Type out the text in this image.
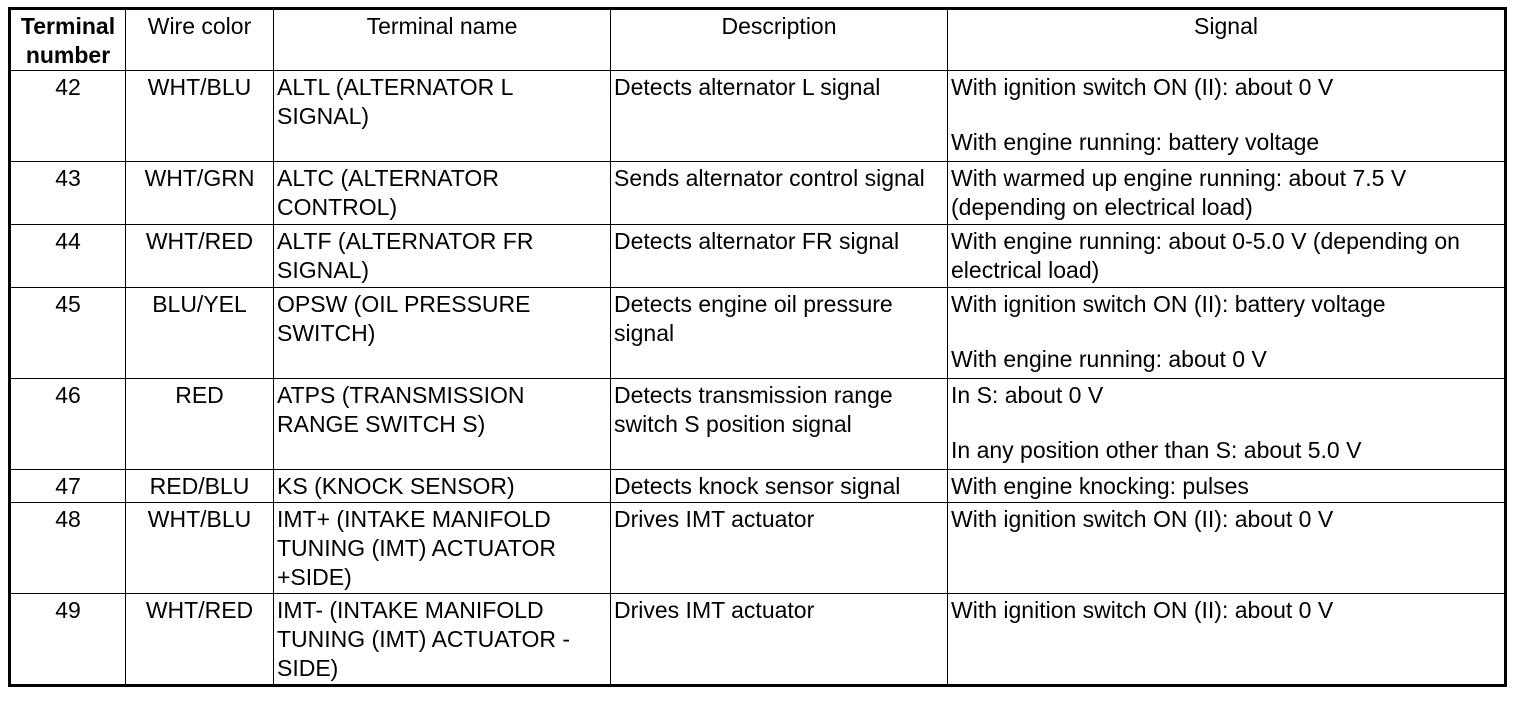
Terminal
number	Wire color	Terminal name	Description	Signal
42	WHT/BLU	ALTL (ALTERNATOR L SIGNAL)	Detects alternator L signal	With ignition switch ON (II): about 0 V
With engine running: battery voltage

43	WHT/GRN	ALTC (ALTERNATOR CONTROL)	Sends alternator control signal	With warmed up engine running: about 7.5 V (depending on electrical load)

44	WHT/RED	ALTF (ALTERNATOR FR SIGNAL)	Detects alternator FR signal	With engine running: about 0-5.0 V (depending on electrical load)

45	BLU/YEL	OPSW (OIL PRESSURE SWITCH)	Detects engine oil pressure signal	With ignition switch ON (II): battery voltage
With engine running: about 0 V

46	RED	ATPS (TRANSMISSION RANGE SWITCH S)	Detects transmission range switch S position signal	In S: about 0 V
In any position other than S: about 5.0 V

47	RED/BLU	KS (KNOCK SENSOR)	Detects knock sensor signal	With engine knocking: pulses

48	WHT/BLU	IMT+ (INTAKE MANIFOLD TUNING (IMT) ACTUATOR +SIDE)	Drives IMT actuator	With ignition switch ON (II): about 0 V

49	WHT/RED	IMT- (INTAKE MANIFOLD TUNING (IMT) ACTUATOR -SIDE)	Drives IMT actuator	With ignition switch ON (II): about 0 V
